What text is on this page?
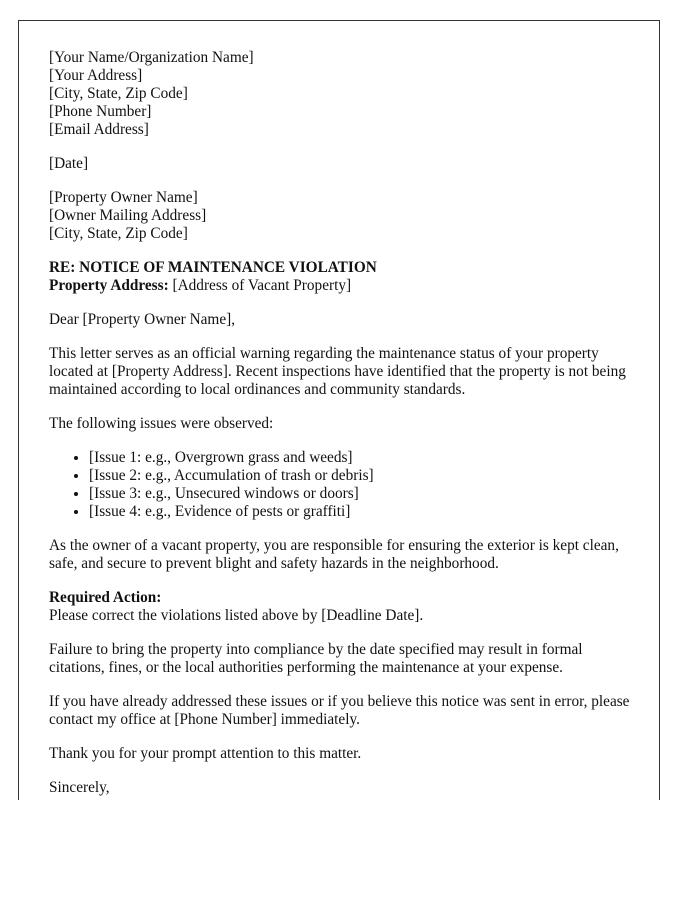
[Your Name/Organization Name]
[Your Address]
[City, State, Zip Code]
[Phone Number]
[Email Address]

[Date]

[Property Owner Name]
[Owner Mailing Address]
[City, State, Zip Code]
RE: NOTICE OF MAINTENANCE VIOLATION
Property Address: [Address of Vacant Property]

Dear [Property Owner Name],

This letter serves as an official warning regarding the maintenance status of your property located at [Property Address]. Recent inspections have identified that the property is not being maintained according to local ordinances and community standards.

The following issues were observed:

• [Issue 1: e.g., Overgrown grass and weeds]
• [Issue 2: e.g., Accumulation of trash or debris]
• [Issue 3: e.g., Unsecured windows or doors]
• [Issue 4: e.g., Evidence of pests or graffiti]

As the owner of a vacant property, you are responsible for ensuring the exterior is kept clean, safe, and secure to prevent blight and safety hazards in the neighborhood.

Required Action:
Please correct the violations listed above by [Deadline Date].

Failure to bring the property into compliance by the date specified may result in formal citations, fines, or the local authorities performing the maintenance at your expense.

If you have already addressed these issues or if you believe this notice was sent in error, please contact my office at [Phone Number] immediately.

Thank you for your prompt attention to this matter.

Sincerely,
